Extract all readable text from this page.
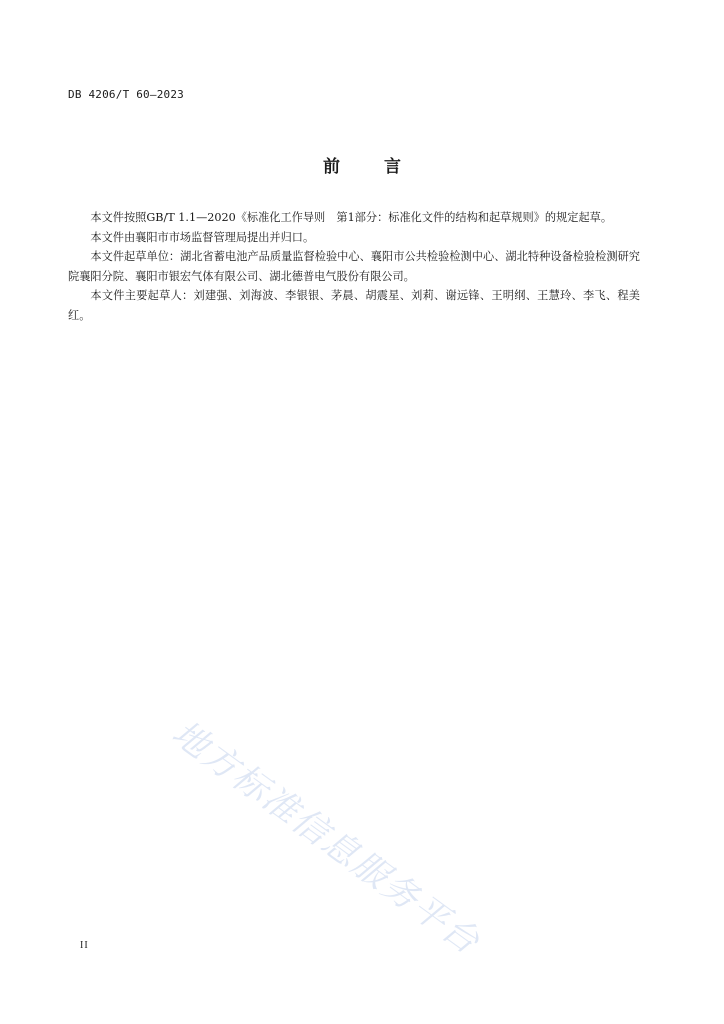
DB 4206/T 60—2023
前言

本文件按照GB/T 1.1—2020《标准化工作导则　第1部分：标准化文件的结构和起草规则》的规定起草。

本文件由襄阳市市场监督管理局提出并归口。

本文件起草单位：湖北省蓄电池产品质量监督检验中心、襄阳市公共检验检测中心、湖北特种设备检验检测研究院襄阳分院、襄阳市银宏气体有限公司、湖北德普电气股份有限公司。

本文件主要起草人：刘建强、刘海波、李银银、茅晨、胡震星、刘莉、谢远锋、王明纲、王慧玲、李飞、程美红。

地方标准信息服务平台
II
